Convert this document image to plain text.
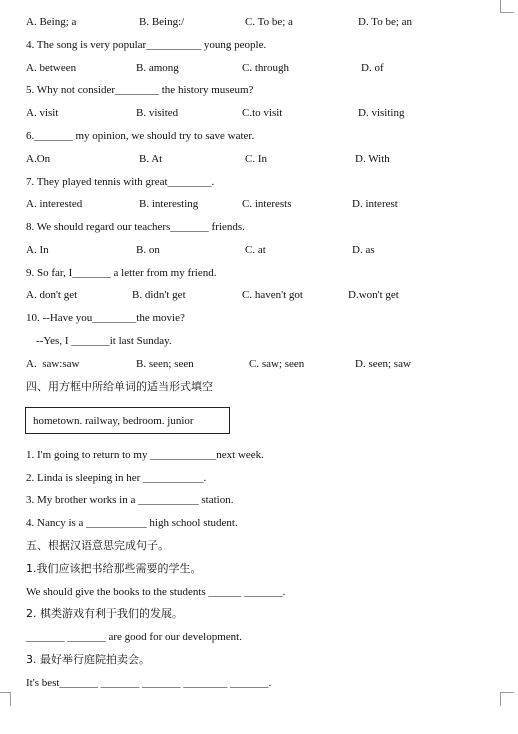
A. Being; a	B. Being:/	C. To be; a	D. To be; an
4. The song is very popular__________ young people.
A. between	B. among	C. through	D. of
5. Why not consider________ the history museum?
A. visit	B. visited	C.to visit	D. visiting
6._______ my opinion, we should try to save water.
A.On	B. At	C. In	D. With
7. They played tennis with great________.
A. interested	B. interesting	C. interests	D. interest
8. We should regard our teachers_______ friends.
A. In	B. on	C. at	D. as
9. So far, I_______ a letter from my friend.
A. don't get	B. didn't get	C. haven't got	D.won't get
10. --Have you________the movie?
--Yes, I _______it last Sunday.
A.  saw:saw	B. seen; seen	C. saw; seen	D. seen; saw
四、用方框中所给单词的适当形式填空
hometown. railway, bedroom. junior
1. I'm going to return to my ____________next week.
2. Linda is sleeping in her ___________.
3. My brother works in a ___________ station.
4. Nancy is a ___________ high school student.
五、根据汉语意思完成句子。
1.我们应该把书给那些需要的学生。
We should give the books to the students ______ _______.
2. 棋类游戏有利于我们的发展。
_______ _______ are good for our development.
3. 最好举行庭院拍卖会。
It's best_______ _______ _______ ________ _______.
